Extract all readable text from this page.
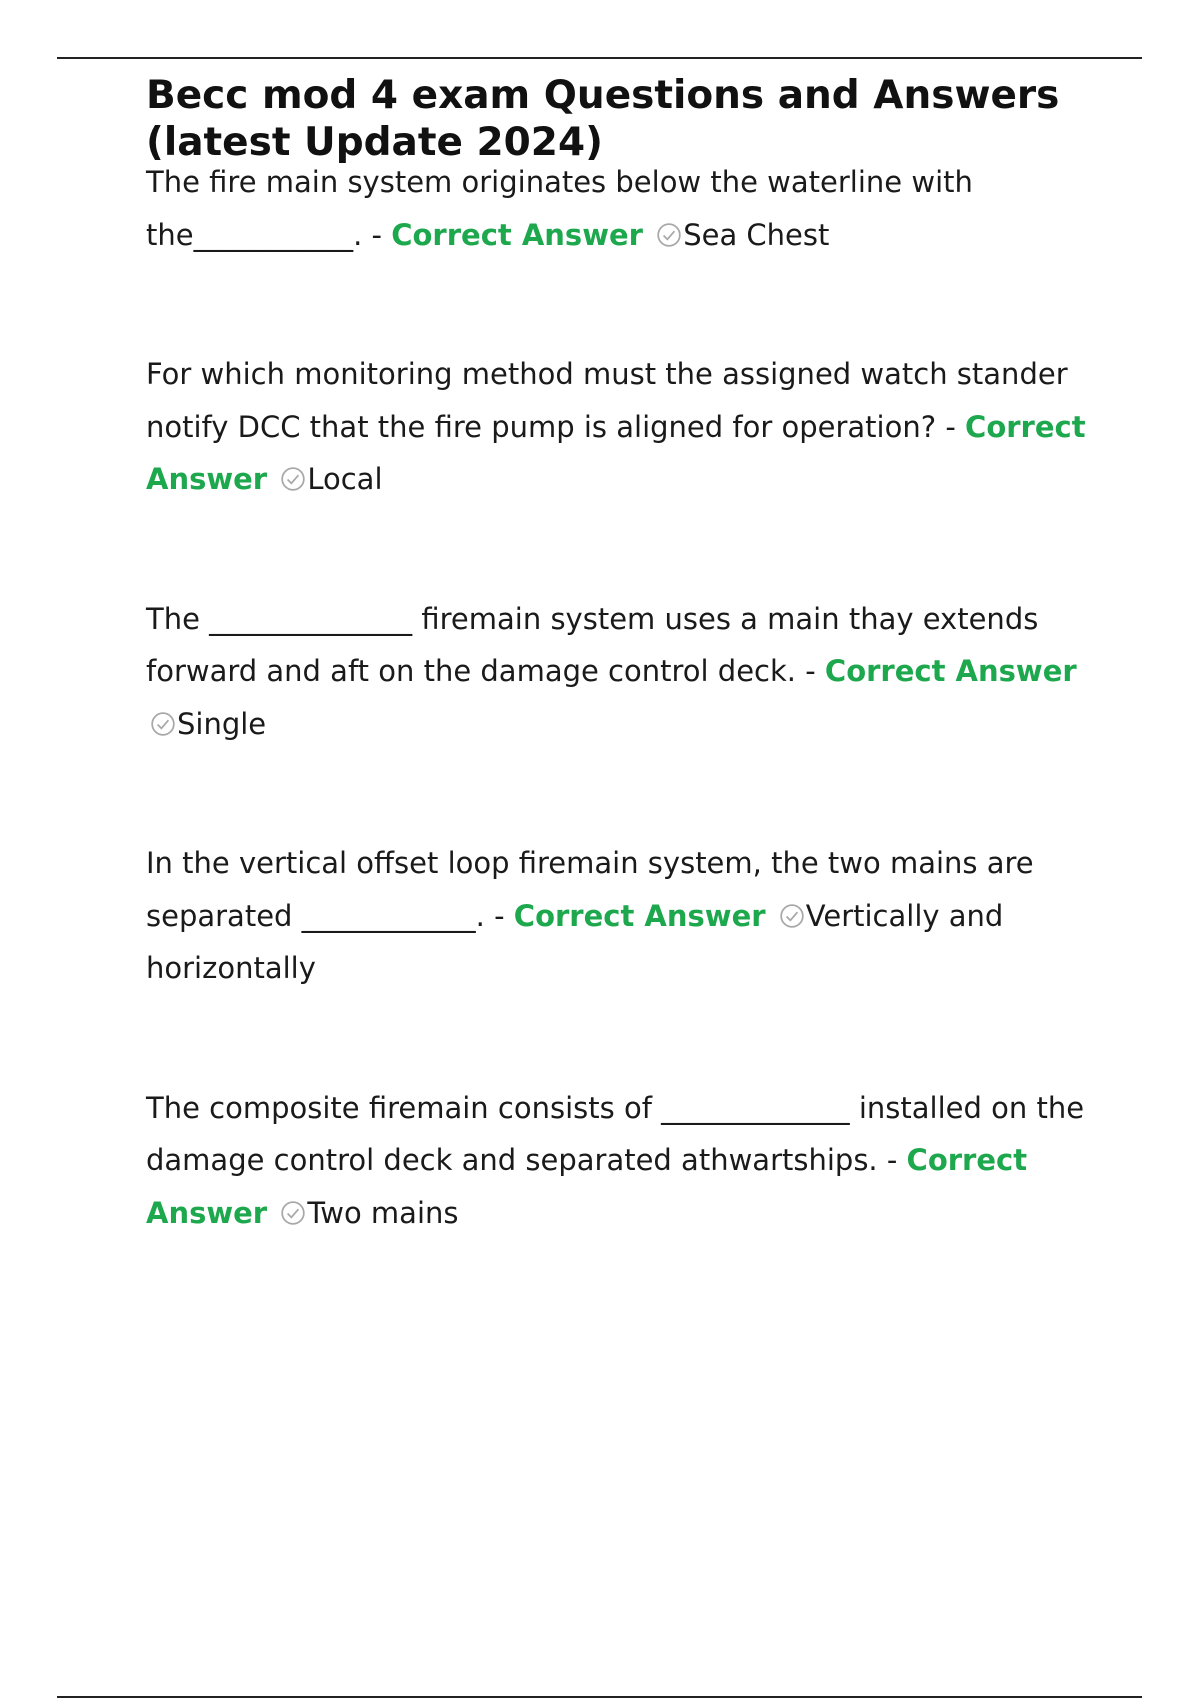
Becc mod 4 exam Questions and Answers (latest Update 2024)

The fire main system originates below the waterline with the___________. - Correct Answer Sea Chest

For which monitoring method must the assigned watch stander notify DCC that the fire pump is aligned for operation? - Correct Answer Local

The ______________ firemain system uses a main thay extends forward and aft on the damage control deck. - Correct Answer Single

In the vertical offset loop firemain system, the two mains are separated ____________. - Correct Answer Vertically and horizontally

The composite firemain consists of _____________ installed on the damage control deck and separated athwartships. - Correct Answer Two mains
